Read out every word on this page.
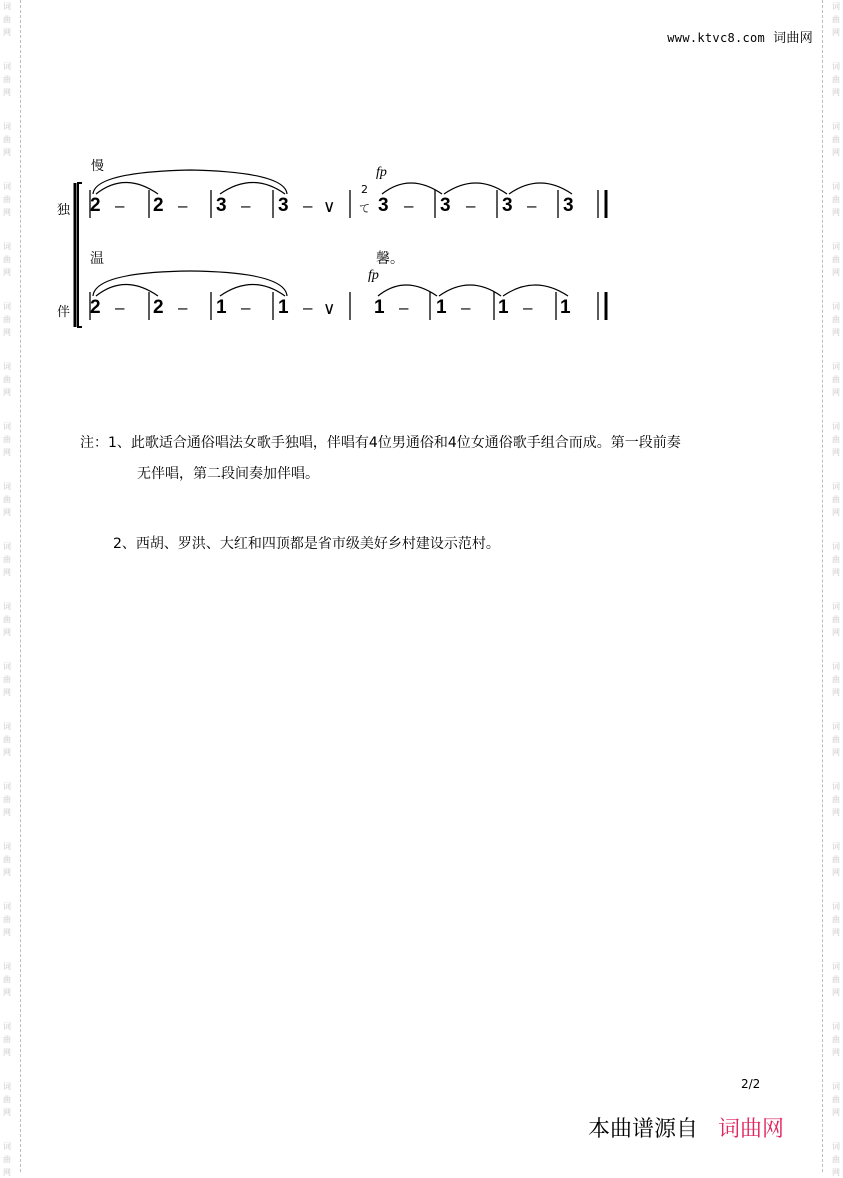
词
曲
网
词
曲
网
词
曲
网
词
曲
网
词
曲
网
词
曲
网
词
曲
网
词
曲
网
词
曲
网
词
曲
网
词
曲
网
词
曲
网
词
曲
网
词
曲
网
词
曲
网
词
曲
网
词
曲
网
词
曲
网
词
曲
网
词
曲
网
词
曲
网
词
曲
网
词
曲
网
词
曲
网
词
曲
网
词
曲
网
词
曲
网
词
曲
网
词
曲
网
词
曲
网
词
曲
网
词
曲
网
词
曲
网
词
曲
网
词
曲
网
词
曲
网
词
曲
网
词
曲
网
词
曲
网
词
曲
网
www.ktvc8.com 词曲网
慢
独
伴
2 – 2 – 3 – 3 – ∨
2
て
fp
3 – 3 – 3 – 3
温	馨。
2 – 2 – 1 – 1 – ∨
fp
1 – 1 – 1 – 1
注：1、此歌适合通俗唱法女歌手独唱，伴唱有4位男通俗和4位女通俗歌手组合而成。第一段前奏
无伴唱，第二段间奏加伴唱。
2、西胡、罗洪、大红和四顶都是省市级美好乡村建设示范村。
2/2
本曲谱源自 词曲网
